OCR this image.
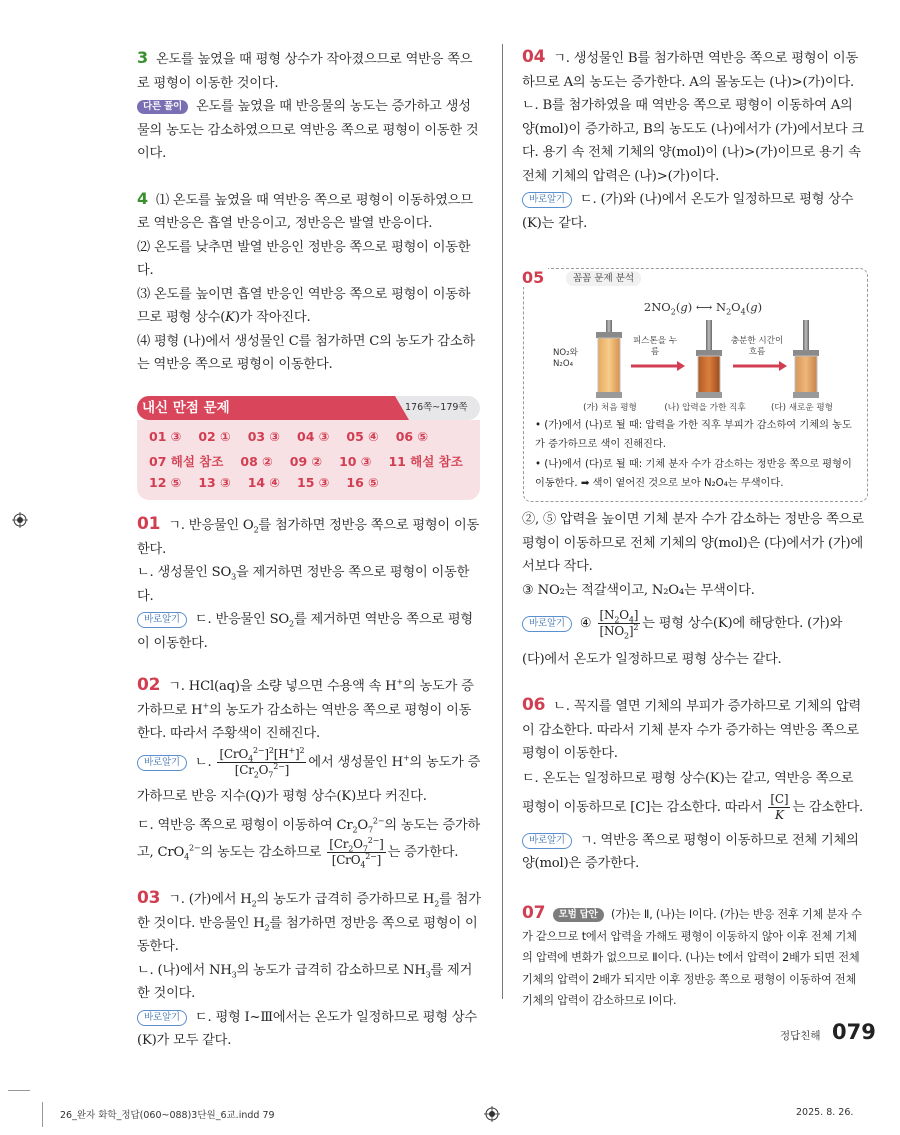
3 온도를 높였을 때 평형 상수가 작아졌으므로 역반응 쪽으로 평형이 이동한 것이다.

다른 풀이 온도를 높였을 때 반응물의 농도는 증가하고 생성물의 농도는 감소하였으므로 역반응 쪽으로 평형이 이동한 것이다.

4 ⑴ 온도를 높였을 때 역반응 쪽으로 평형이 이동하였으므로 역반응은 흡열 반응이고, 정반응은 발열 반응이다.

⑵ 온도를 낮추면 발열 반응인 정반응 쪽으로 평형이 이동한다.

⑶ 온도를 높이면 흡열 반응인 역반응 쪽으로 평형이 이동하므로 평형 상수(K)가 작아진다.

⑷ 평형 (나)에서 생성물인 C를 첨가하면 C의 농도가 감소하는 역반응 쪽으로 평형이 이동한다.

내신 만점 문제	176쪽~179쪽
01 ③ 02 ① 03 ③ 04 ③ 05 ④ 06 ⑤
07 해설 참조 08 ② 09 ② 10 ③ 11 해설 참조
12 ⑤ 13 ③ 14 ④ 15 ③ 16 ⑤

01 ㄱ. 반응물인 $O_2$를 첨가하면 정반응 쪽으로 평형이 이동한다.

ㄴ. 생성물인 $SO_3$을 제거하면 정반응 쪽으로 평형이 이동한다.

바로알기 ㄷ. 반응물인 $SO_2$를 제거하면 역반응 쪽으로 평형이 이동한다.

02 ㄱ. HCl(aq)을 소량 넣으면 수용액 속 H+의 농도가 증가하므로 H+의 농도가 감소하는 역반응 쪽으로 평형이 이동한다. 따라서 주황색이 진해진다.

바로알기 ㄴ. $\frac{[CrO_4^{2-}]^2[H^+]^2}{[Cr_2O_7^{2-}]}$ 에서 생성물인 H+의 농도가 증가하므로 반응 지수(Q)가 평형 상수(K)보다 커진다.

ㄷ. 역반응 쪽으로 평형이 이동하여 $Cr_2O_7^{2-}$의 농도는 증가하고, CrO$_4^{2-}$의 농도는 감소하므로 $\frac{[Cr_2O_7^{2-}]}{[CrO_4^{2-}]}$ 는 증가한다.

03 ㄱ. (가)에서 $H_2$의 농도가 급격히 증가하므로 $H_2$를 첨가한 것이다. 반응물인 $H_2$를 첨가하면 정반응 쪽으로 평형이 이동한다.

ㄴ. (나)에서 $NH_3$의 농도가 급격히 감소하므로 $NH_3$를 제거한 것이다.

바로알기 ㄷ. 평형 Ⅰ~Ⅲ에서는 온도가 일정하므로 평형 상수 (K)가 모두 같다.

04 ㄱ. 생성물인 B를 첨가하면 역반응 쪽으로 평형이 이동하므로 A의 농도는 증가한다. A의 몰농도는 (나)>(가)이다.

ㄴ. B를 첨가하였을 때 역반응 쪽으로 평형이 이동하여 A의 양(mol)이 증가하고, B의 농도도 (나)에서가 (가)에서보다 크다. 용기 속 전체 기체의 양(mol)이 (나)>(가)이므로 용기 속 전체 기체의 압력은 (나)>(가)이다.

바로알기 ㄷ. (가)와 (나)에서 온도가 일정하므로 평형 상수(K)는 같다.

05	꼼꼼 문제 분석
$2NO_2(g)$ ⟷ $N_2O_4(g)$
NO₂와 N₂O₄
피스톤을 누름
충분한 시간이 흐름
(가) 처음 평형	(나) 압력을 가한 직후	(다) 새로운 평형
• (가)에서 (나)로 될 때: 압력을 가한 직후 부피가 감소하여 기체의 농도가 증가하므로 색이 진해진다.
• (나)에서 (다)로 될 때: 기체 분자 수가 감소하는 정반응 쪽으로 평형이 이동한다. ➡ 색이 옅어진 것으로 보아 N₂O₄는 무색이다.

②, ⑤ 압력을 높이면 기체 분자 수가 감소하는 정반응 쪽으로 평형이 이동하므로 전체 기체의 양(mol)은 (다)에서가 (가)에서보다 작다.

③ NO₂는 적갈색이고, N₂O₄는 무색이다.

바로알기 ④ $\frac{[N_2O_4]}{[NO_2]^2}$ 는 평형 상수(K)에 해당한다. (가)와 (다)에서 온도가 일정하므로 평형 상수는 같다.

06 ㄴ. 꼭지를 열면 기체의 부피가 증가하므로 기체의 압력이 감소한다. 따라서 기체 분자 수가 증가하는 역반응 쪽으로 평형이 이동한다.

ㄷ. 온도는 일정하므로 평형 상수(K)는 같고, 역반응 쪽으로 평형이 이동하므로 [C]는 감소한다. 따라서 $\frac{[C]}{K}$ 는 감소한다.

바로알기 ㄱ. 역반응 쪽으로 평형이 이동하므로 전체 기체의 양(mol)은 증가한다.

07 모범 답안 (가)는 Ⅱ, (나)는 Ⅰ이다. (가)는 반응 전후 기체 분자 수가 같으므로 t에서 압력을 가해도 평형이 이동하지 않아 이후 전체 기체의 압력에 변화가 없으므로 Ⅱ이다. (나)는 t에서 압력이 2배가 되면 전체 기체의 압력이 2배가 되지만 이후 정반응 쪽으로 평형이 이동하여 전체 기체의 압력이 감소하므로 Ⅰ이다.
정답친해 079
26_완자 화학_정답(060~088)3단원_6교.indd 79	2025. 8. 26.
